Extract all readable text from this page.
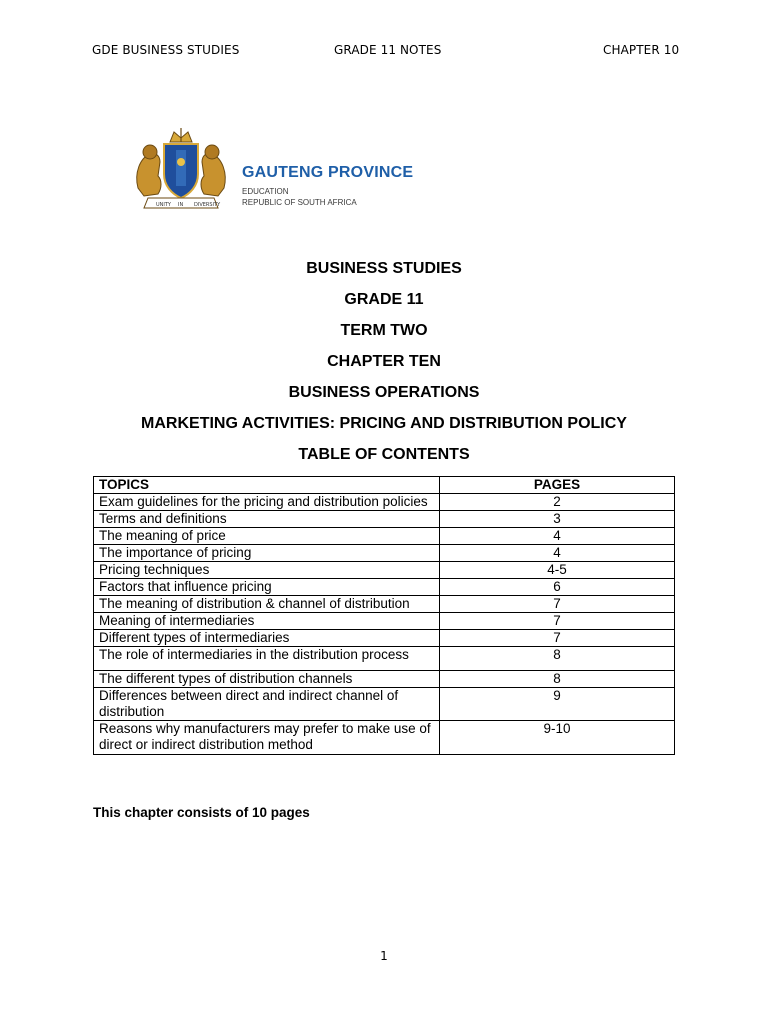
GDE BUSINESS STUDIES	GRADE 11 NOTES	CHAPTER 10
UNITY IN DIVERSITY
GAUTENG PROVINCE
EDUCATION
REPUBLIC OF SOUTH AFRICA
BUSINESS STUDIES
GRADE 11
TERM TWO
CHAPTER TEN
BUSINESS OPERATIONS
MARKETING ACTIVITIES: PRICING AND DISTRIBUTION POLICY
TABLE OF CONTENTS
TOPICS	PAGES
Exam guidelines for the pricing and distribution policies	2
Terms and definitions	3
The meaning of price	4
The importance of pricing	4
Pricing techniques	4-5
Factors that influence pricing	6
The meaning of distribution & channel of distribution	7
Meaning of intermediaries	7
Different types of intermediaries	7
The role of intermediaries in the distribution process	8
The different types of distribution channels	8
Differences between direct and indirect channel of distribution	9
Reasons why manufacturers may prefer to make use of direct or indirect distribution method	9-10
This chapter consists of 10 pages
1
